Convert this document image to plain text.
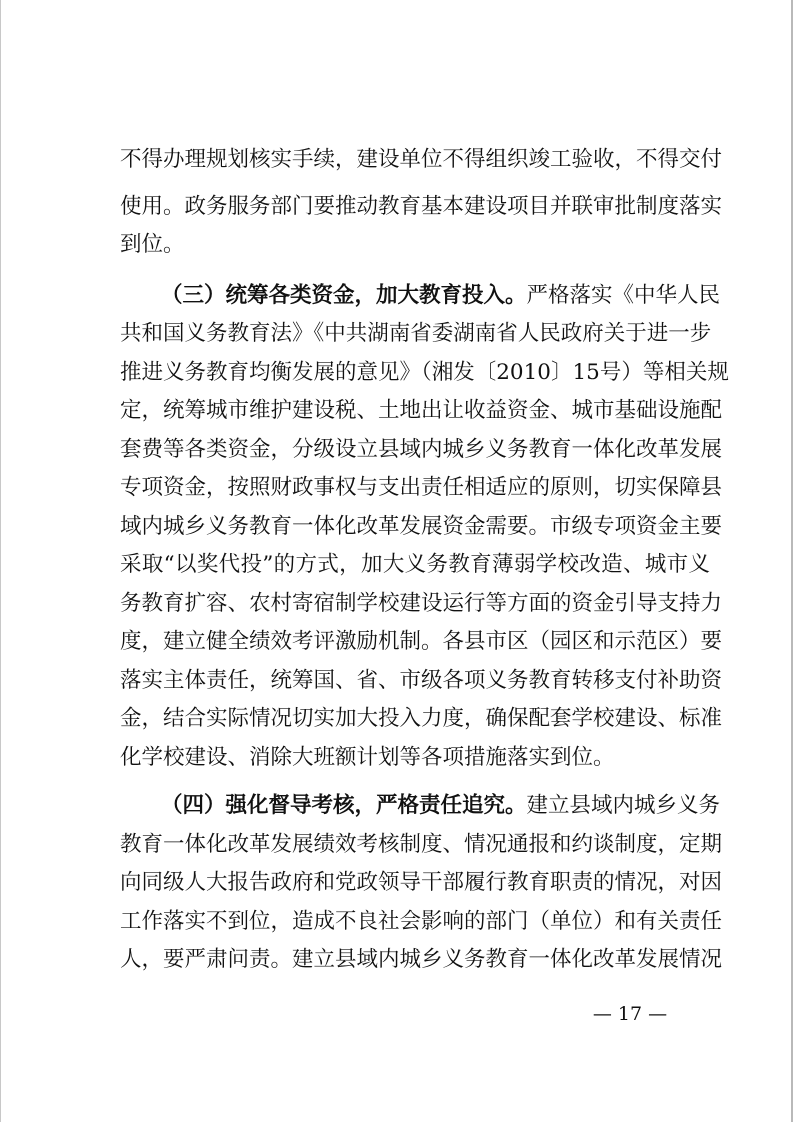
不得办理规划核实手续，建设单位不得组织竣工验收，不得交付
使用。政务服务部门要推动教育基本建设项目并联审批制度落实
到位。
（三）统筹各类资金，加大教育投入。严格落实《中华人民
共和国义务教育法》《中共湖南省委湖南省人民政府关于进一步
推进义务教育均衡发展的意见》（湘发〔2010〕15号）等相关规
定，统筹城市维护建设税、土地出让收益资金、城市基础设施配
套费等各类资金，分级设立县域内城乡义务教育一体化改革发展
专项资金，按照财政事权与支出责任相适应的原则，切实保障县
域内城乡义务教育一体化改革发展资金需要。市级专项资金主要
采取“以奖代投”的方式，加大义务教育薄弱学校改造、城市义
务教育扩容、农村寄宿制学校建设运行等方面的资金引导支持力
度，建立健全绩效考评激励机制。各县市区（园区和示范区）要
落实主体责任，统筹国、省、市级各项义务教育转移支付补助资
金，结合实际情况切实加大投入力度，确保配套学校建设、标准
化学校建设、消除大班额计划等各项措施落实到位。
（四）强化督导考核，严格责任追究。建立县域内城乡义务
教育一体化改革发展绩效考核制度、情况通报和约谈制度，定期
向同级人大报告政府和党政领导干部履行教育职责的情况，对因
工作落实不到位，造成不良社会影响的部门（单位）和有关责任
人，要严肃问责。建立县域内城乡义务教育一体化改革发展情况
— 17 —
